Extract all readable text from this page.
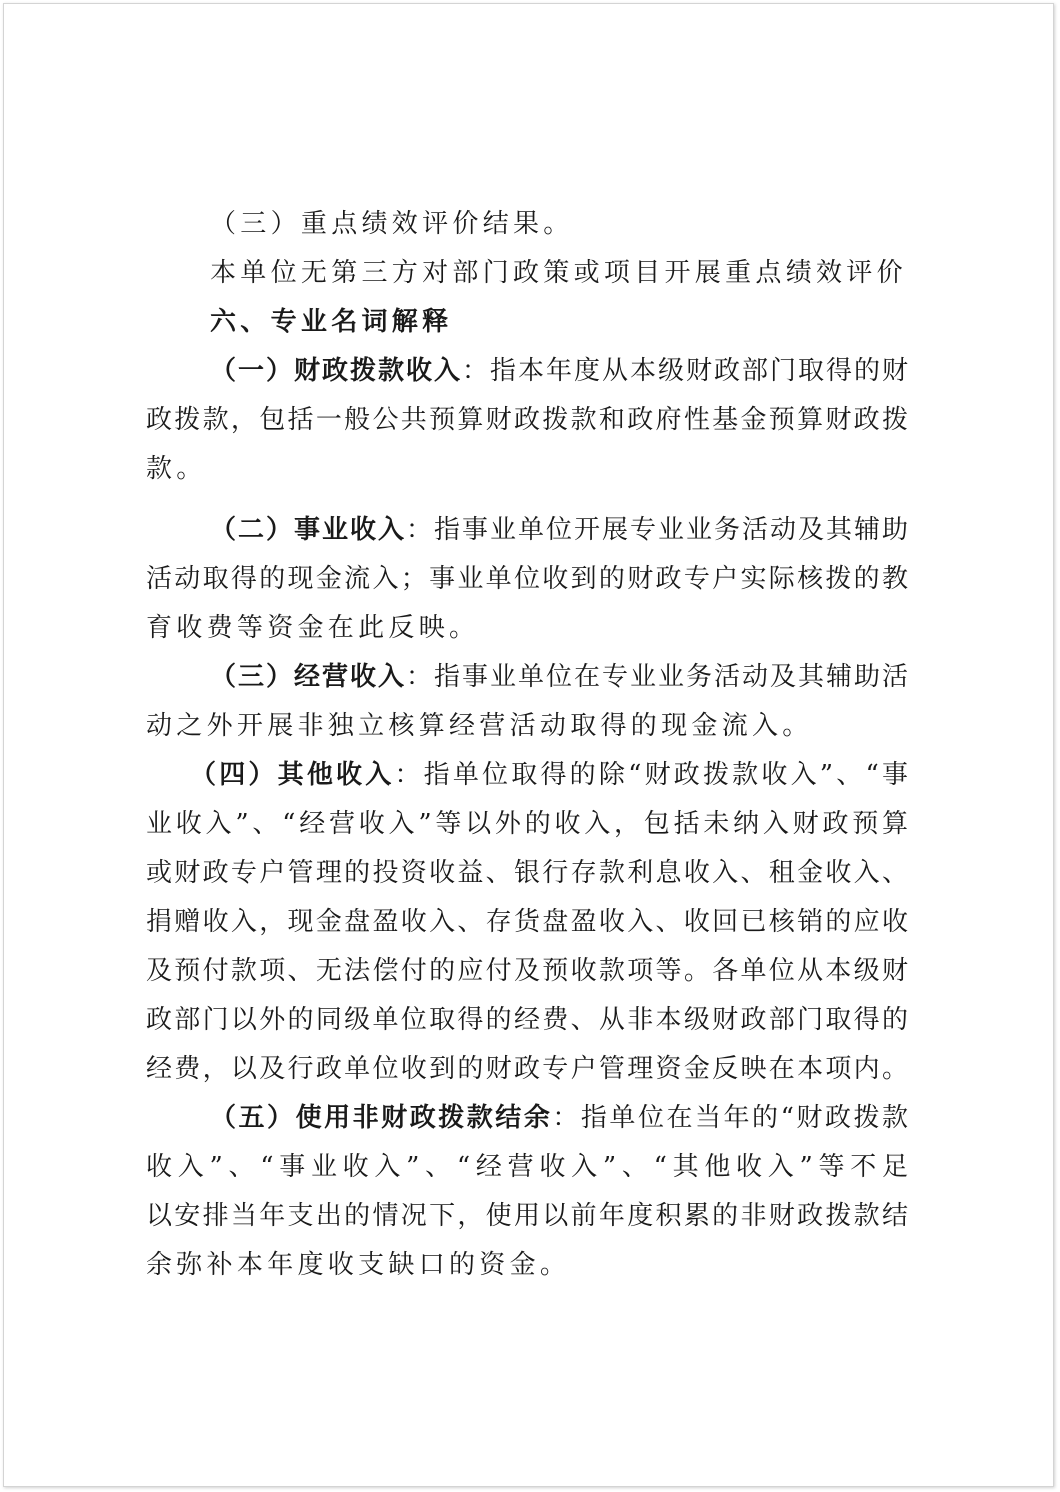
（三）重点绩效评价结果。
本单位无第三方对部门政策或项目开展重点绩效评价
六、专业名词解释
（一）财政拨款收入：指本年度从本级财政部门取得的财
政拨款，包括一般公共预算财政拨款和政府性基金预算财政拨
款。
（二）事业收入：指事业单位开展专业业务活动及其辅助
活动取得的现金流入；事业单位收到的财政专户实际核拨的教
育收费等资金在此反映。
（三）经营收入：指事业单位在专业业务活动及其辅助活
动之外开展非独立核算经营活动取得的现金流入。
（四）其他收入：指单位取得的除“财政拨款收入”、“事
业收入”、“经营收入”等以外的收入，包括未纳入财政预算
或财政专户管理的投资收益、银行存款利息收入、租金收入、
捐赠收入，现金盘盈收入、存货盘盈收入、收回已核销的应收
及预付款项、无法偿付的应付及预收款项等。各单位从本级财
政部门以外的同级单位取得的经费、从非本级财政部门取得的
经费，以及行政单位收到的财政专户管理资金反映在本项内。
（五）使用非财政拨款结余：指单位在当年的“财政拨款
收入”、“事业收入”、“经营收入”、“其他收入”等不足
以安排当年支出的情况下，使用以前年度积累的非财政拨款结
余弥补本年度收支缺口的资金。
